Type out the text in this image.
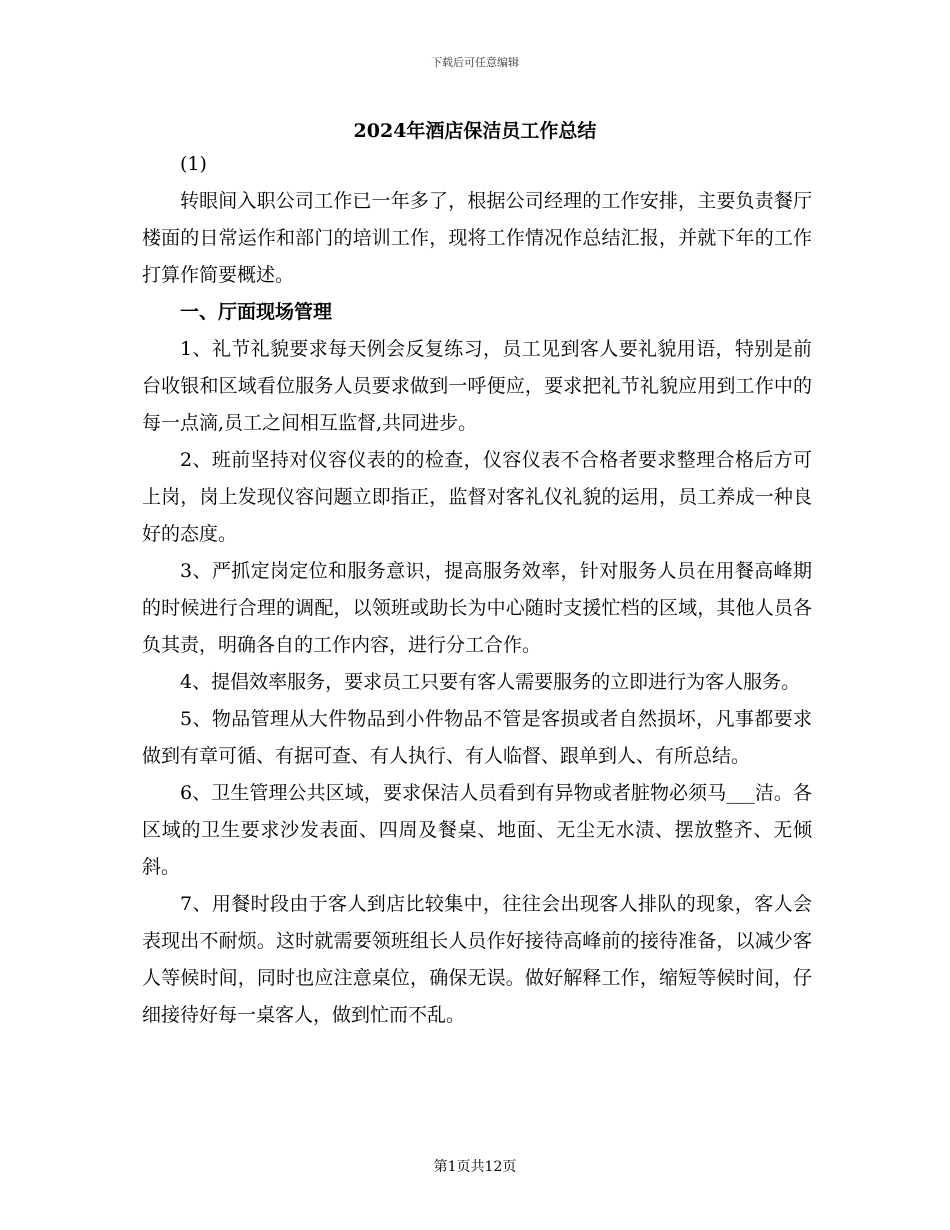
下载后可任意编辑
2024年酒店保洁员工作总结

(1)

转眼间入职公司工作已一年多了，根据公司经理的工作安排，主要负责餐厅楼面的日常运作和部门的培训工作，现将工作情况作总结汇报，并就下年的工作打算作简要概述。

一、厅面现场管理

1、礼节礼貌要求每天例会反复练习，员工见到客人要礼貌用语，特别是前台收银和区域看位服务人员要求做到一呼便应，要求把礼节礼貌应用到工作中的每一点滴,员工之间相互监督,共同进步。

2、班前坚持对仪容仪表的的检查，仪容仪表不合格者要求整理合格后方可上岗，岗上发现仪容问题立即指正，监督对客礼仪礼貌的运用，员工养成一种良好的态度。

3、严抓定岗定位和服务意识，提高服务效率，针对服务人员在用餐高峰期的时候进行合理的调配，以领班或助长为中心随时支援忙档的区域，其他人员各负其责，明确各自的工作内容，进行分工合作。

4、提倡效率服务，要求员工只要有客人需要服务的立即进行为客人服务。

5、物品管理从大件物品到小件物品不管是客损或者自然损坏，凡事都要求做到有章可循、有据可查、有人执行、有人临督、跟单到人、有所总结。

6、卫生管理公共区域，要求保洁人员看到有异物或者脏物必须马___洁。各区域的卫生要求沙发表面、四周及餐桌、地面、无尘无水渍、摆放整齐、无倾斜。

7、用餐时段由于客人到店比较集中，往往会出现客人排队的现象，客人会表现出不耐烦。这时就需要领班组长人员作好接待高峰前的接待准备，以减少客人等候时间，同时也应注意桌位，确保无误。做好解释工作，缩短等候时间，仔细接待好每一桌客人，做到忙而不乱。

第1页共12页
